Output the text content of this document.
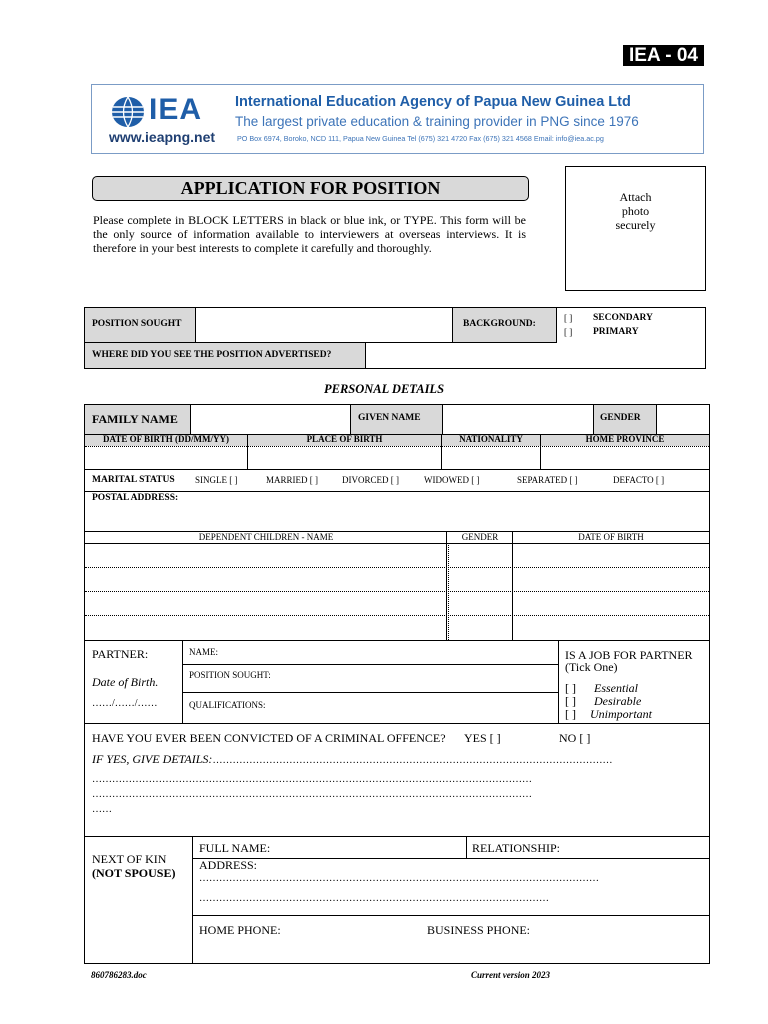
IEA - 04
IEA
www.ieapng.net
International Education Agency of Papua New Guinea Ltd
The largest private education & training provider in PNG since 1976
PO Box 6974, Boroko, NCD 111, Papua New Guinea Tel (675) 321 4720 Fax (675) 321 4568 Email: info@iea.ac.pg
APPLICATION FOR POSITION
Please complete in BLOCK LETTERS in black or blue ink, or TYPE. This form will be the only source of information available to interviewers at overseas interviews. It is therefore in your best interests to complete it carefully and thoroughly.
Attach
photo
securely
POSITION SOUGHT	BACKGROUND:
[ ] SECONDARY
[ ] PRIMARY
WHERE DID YOU SEE THE POSITION ADVERTISED?
PERSONAL DETAILS
FAMILY NAME	GIVEN NAME	GENDER
DATE OF BIRTH (DD/MM/YY)	PLACE OF BIRTH	NATIONALITY	HOME PROVINCE
MARITAL STATUS SINGLE [ ]	MARRIED [ ]	DIVORCED [ ]	WIDOWED [ ]	SEPARATED [ ]	DEFACTO [ ]
POSTAL ADDRESS:
DEPENDENT CHILDREN - NAME	GENDER	DATE OF BIRTH
PARTNER:
Date of Birth.
……/……/……
NAME:
POSITION SOUGHT:
QUALIFICATIONS:
IS A JOB FOR PARTNER
(Tick One)
[ ] Essential
[ ] Desirable
[ ] Unimportant
HAVE YOU EVER BEEN CONVICTED OF A CRIMINAL OFFENCE? YES [ ]	NO [ ]
IF YES, GIVE DETAILS:…………………………………………………………………………………………………………
……………………………………………………………………………………………………………………
……………………………………………………………………………………………………………………
……
NEXT OF KIN
(NOT SPOUSE)
FULL NAME:	RELATIONSHIP:
ADDRESS:
…………………………………………………………………………………………………………
……………………………………………………………………………………………
HOME PHONE:	BUSINESS PHONE:
860786283.doc	Current version 2023
